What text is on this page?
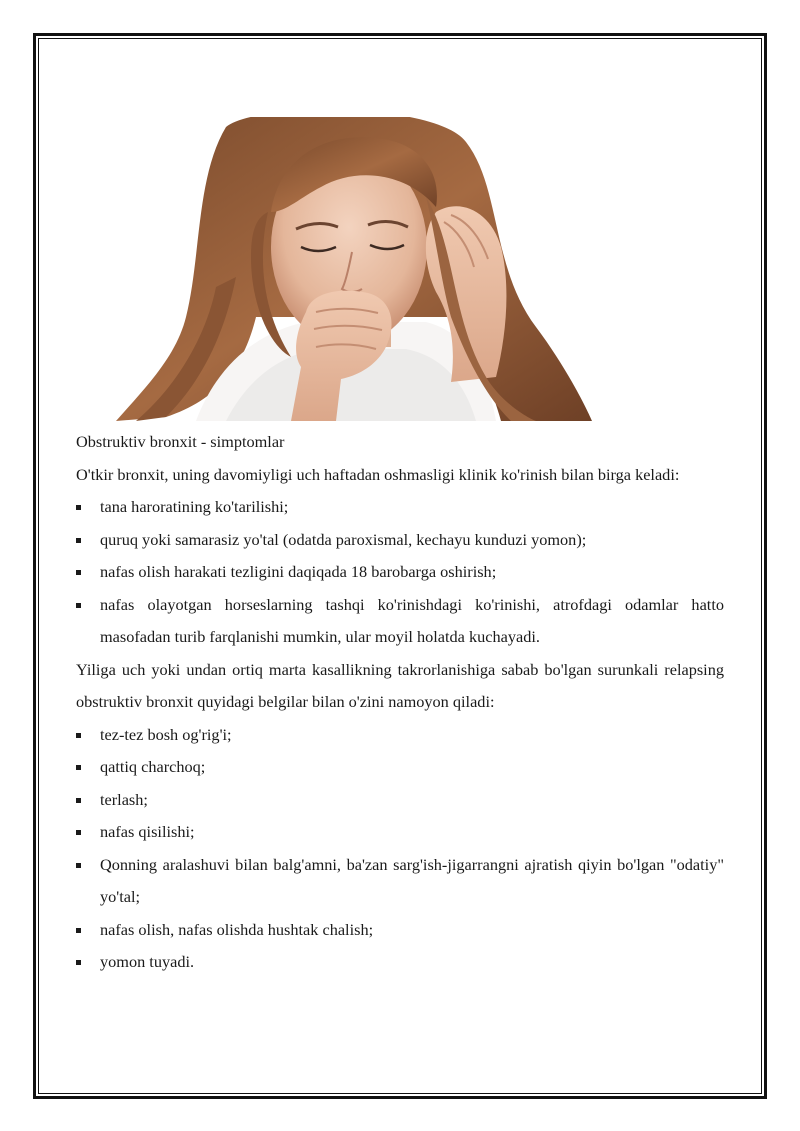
Obstruktiv bronxit - simptomlar

O'tkir bronxit, uning davomiyligi uch haftadan oshmasligi klinik ko'rinish bilan birga keladi:

tana haroratining ko'tarilishi;
quruq yoki samarasiz yo'tal (odatda paroxismal, kechayu kunduzi yomon);
nafas olish harakati tezligini daqiqada 18 barobarga oshirish;
nafas olayotgan horseslarning tashqi ko'rinishdagi ko'rinishi, atrofdagi odamlar hatto masofadan turib farqlanishi mumkin, ular moyil holatda kuchayadi.

Yiliga uch yoki undan ortiq marta kasallikning takrorlanishiga sabab bo'lgan surunkali relapsing obstruktiv bronxit quyidagi belgilar bilan o'zini namoyon qiladi:

tez-tez bosh og'rig'i;
qattiq charchoq;
terlash;
nafas qisilishi;
Qonning aralashuvi bilan balg'amni, ba'zan sarg'ish-jigarrangni ajratish qiyin bo'lgan "odatiy" yo'tal;
nafas olish, nafas olishda hushtak chalish;
yomon tuyadi.
